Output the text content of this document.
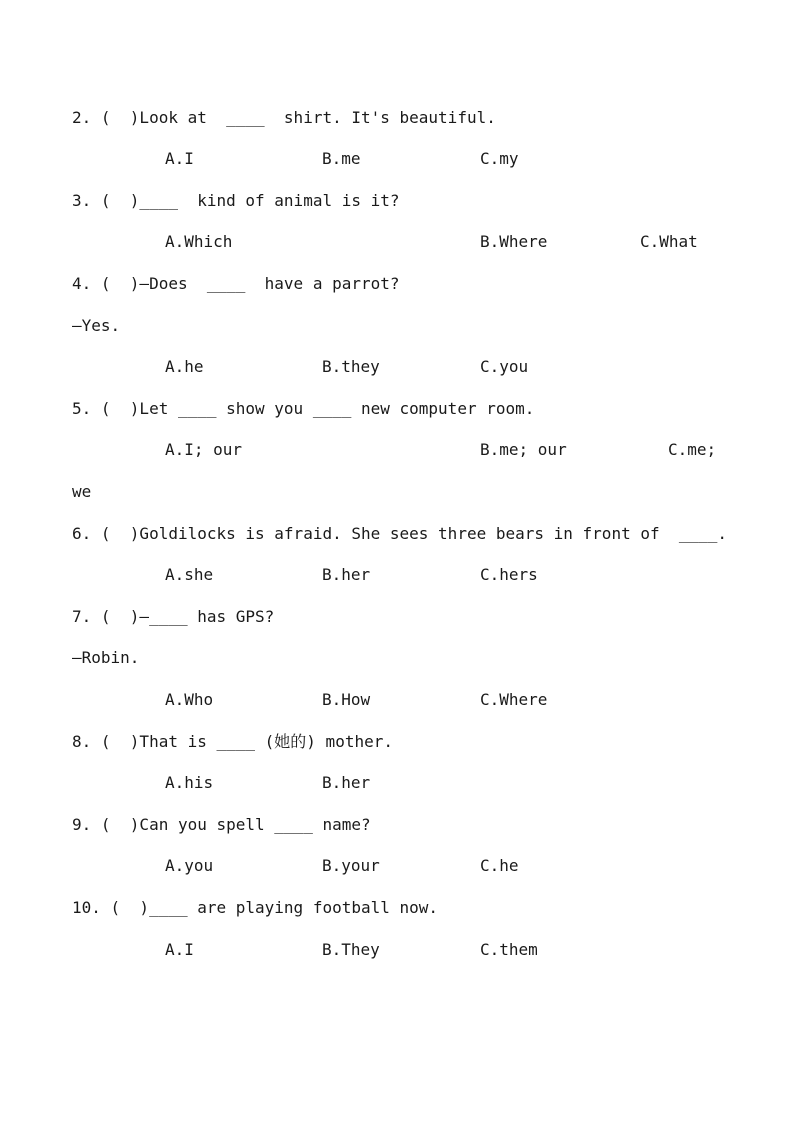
2. (  )Look at  ____  shirt. It's beautiful.
A.I	B.me	C.my
3. (  )____  kind of animal is it?
A.Which	B.Where	C.What
4. (  )—Does  ____  have a parrot?
—Yes.
A.he	B.they	C.you
5. (  )Let ____ show you ____ new computer room.
A.I; our	B.me; our	C.me;
we
6. (  )Goldilocks is afraid. She sees three bears in front of  ____.
A.she	B.her	C.hers
7. (  )—____ has GPS?
—Robin.
A.Who	B.How	C.Where
8. (  )That is ____ (她的) mother.
A.his	B.her
9. (  )Can you spell ____ name?
A.you	B.your	C.he
10. (  )____ are playing football now.
A.I	B.They	C.them
